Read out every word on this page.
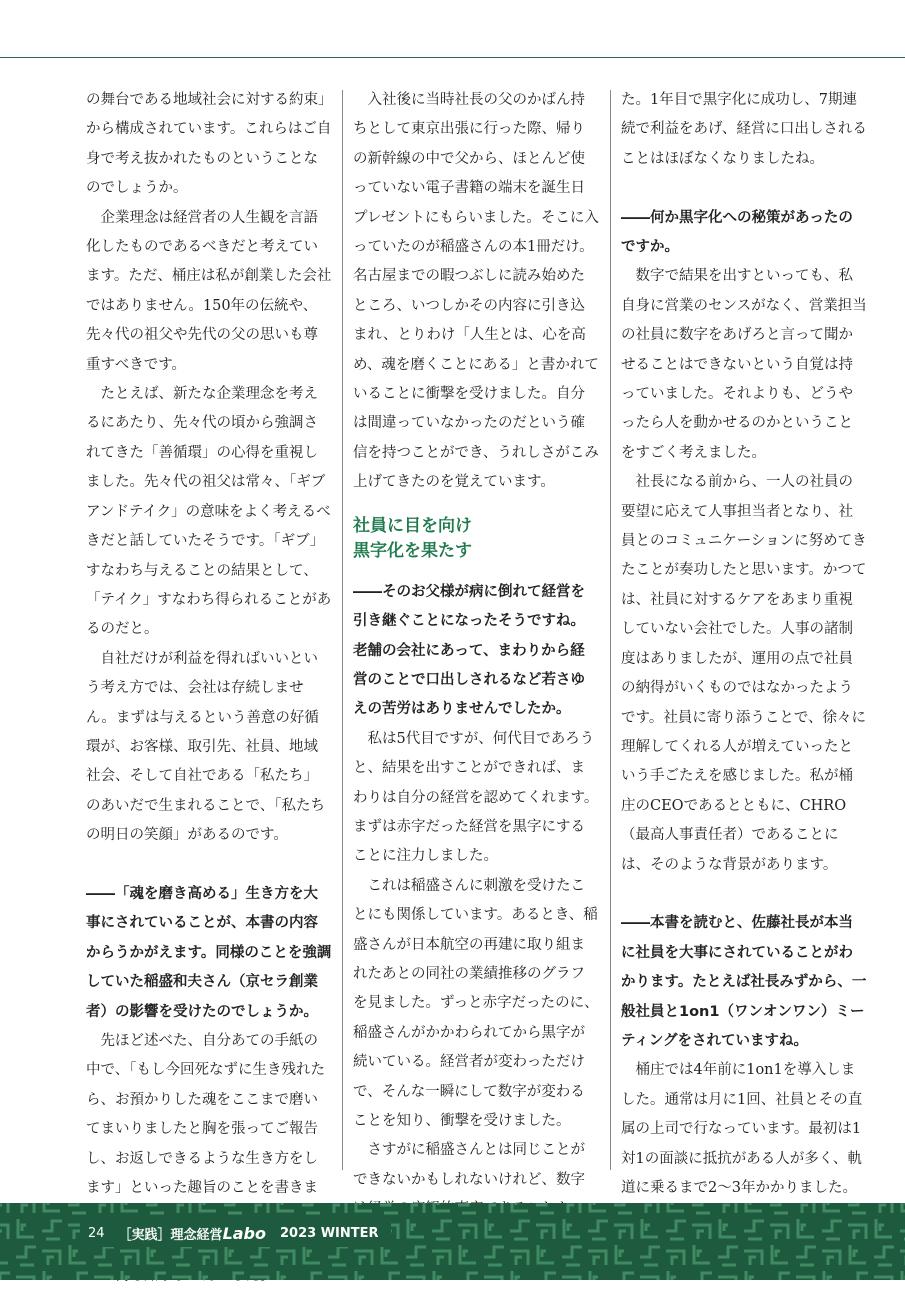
の舞台である地域社会に対する約束」から構成されています。これらはご自身で考え抜かれたものということなのでしょうか。

企業理念は経営者の人生観を言語化したものであるべきだと考えています。ただ、桶庄は私が創業した会社ではありません。150年の伝統や、先々代の祖父や先代の父の思いも尊重すべきです。

たとえば、新たな企業理念を考えるにあたり、先々代の頃から強調されてきた「善循環」の心得を重視しました。先々代の祖父は常々、「ギブアンドテイク」の意味をよく考えるべきだと話していたそうです。「ギブ」すなわち与えることの結果として、「テイク」すなわち得られることがあるのだと。

自社だけが利益を得ればいいという考え方では、会社は存続しません。まずは与えるという善意の好循環が、お客様、取引先、社員、地域社会、そして自社である「私たち」のあいだで生まれることで、「私たちの明日の笑顔」があるのです。

――「魂を磨き高める」生き方を大事にされていることが、本書の内容からうかがえます。同様のことを強調していた稲盛和夫さん（京セラ創業者）の影響を受けたのでしょうか。

先ほど述べた、自分あての手紙の中で、「もし今回死なずに生き残れたら、お預かりした魂をここまで磨いてまいりましたと胸を張ってご報告し、お返しできるような生き方をします」といった趣旨のことを書きま

入社後に当時社長の父のかばん持ちとして東京出張に行った際、帰りの新幹線の中で父から、ほとんど使っていない電子書籍の端末を誕生日プレゼントにもらいました。そこに入っていたのが稲盛さんの本1冊だけ。名古屋までの暇つぶしに読み始めたところ、いつしかその内容に引き込まれ、とりわけ「人生とは、心を高め、魂を磨くことにある」と書かれていることに衝撃を受けました。自分は間違っていなかったのだという確信を持つことができ、うれしさがこみ上げてきたのを覚えています。

社員に目を向け
黒字化を果たす

――そのお父様が病に倒れて経営を引き継ぐことになったそうですね。老舗の会社にあって、まわりから経営のことで口出しされるなど若さゆえの苦労はありませんでしたか。

私は5代目ですが、何代目であろうと、結果を出すことができれば、まわりは自分の経営を認めてくれます。まずは赤字だった経営を黒字にすることに注力しました。

これは稲盛さんに刺激を受けたことにも関係しています。あるとき、稲盛さんが日本航空の再建に取り組まれたあとの同社の業績推移のグラフを見ました。ずっと赤字だったのに、稲盛さんがかかわられてから黒字が続いている。経営者が変わっただけで、そんな一瞬にして数字が変わることを知り、衝撃を受けました。

さすがに稲盛さんとは同じことができないかもしれないけれど、数字

た。1年目で黒字化に成功し、7期連続で利益をあげ、経営に口出しされることはほぼなくなりましたね。

――何か黒字化への秘策があったのですか。

数字で結果を出すといっても、私自身に営業のセンスがなく、営業担当の社員に数字をあげろと言って聞かせることはできないという自覚は持っていました。それよりも、どうやったら人を動かせるのかということをすごく考えました。

社長になる前から、一人の社員の要望に応えて人事担当者となり、社員とのコミュニケーションに努めてきたことが奏功したと思います。かつては、社員に対するケアをあまり重視していない会社でした。人事の諸制度はありましたが、運用の点で社員の納得がいくものではなかったようです。社員に寄り添うことで、徐々に理解してくれる人が増えていったという手ごたえを感じました。私が桶庄のCEOであるとともに、CHRO（最高人事責任者）であることには、そのような背景があります。

――本書を読むと、佐藤社長が本当に社員を大事にされていることがわかります。たとえば社長みずから、一般社員と1on1（ワンオンワン）ミーティングをされていますね。

桶庄では4年前に1on1を導入しました。通常は月に1回、社員とその直属の上司で行なっています。最初は1対1の面談に抵抗がある人が多く、軌道に乗るまで2～3年かかりました。

24 ［実践］理念経営Labo 2023 WINTER
